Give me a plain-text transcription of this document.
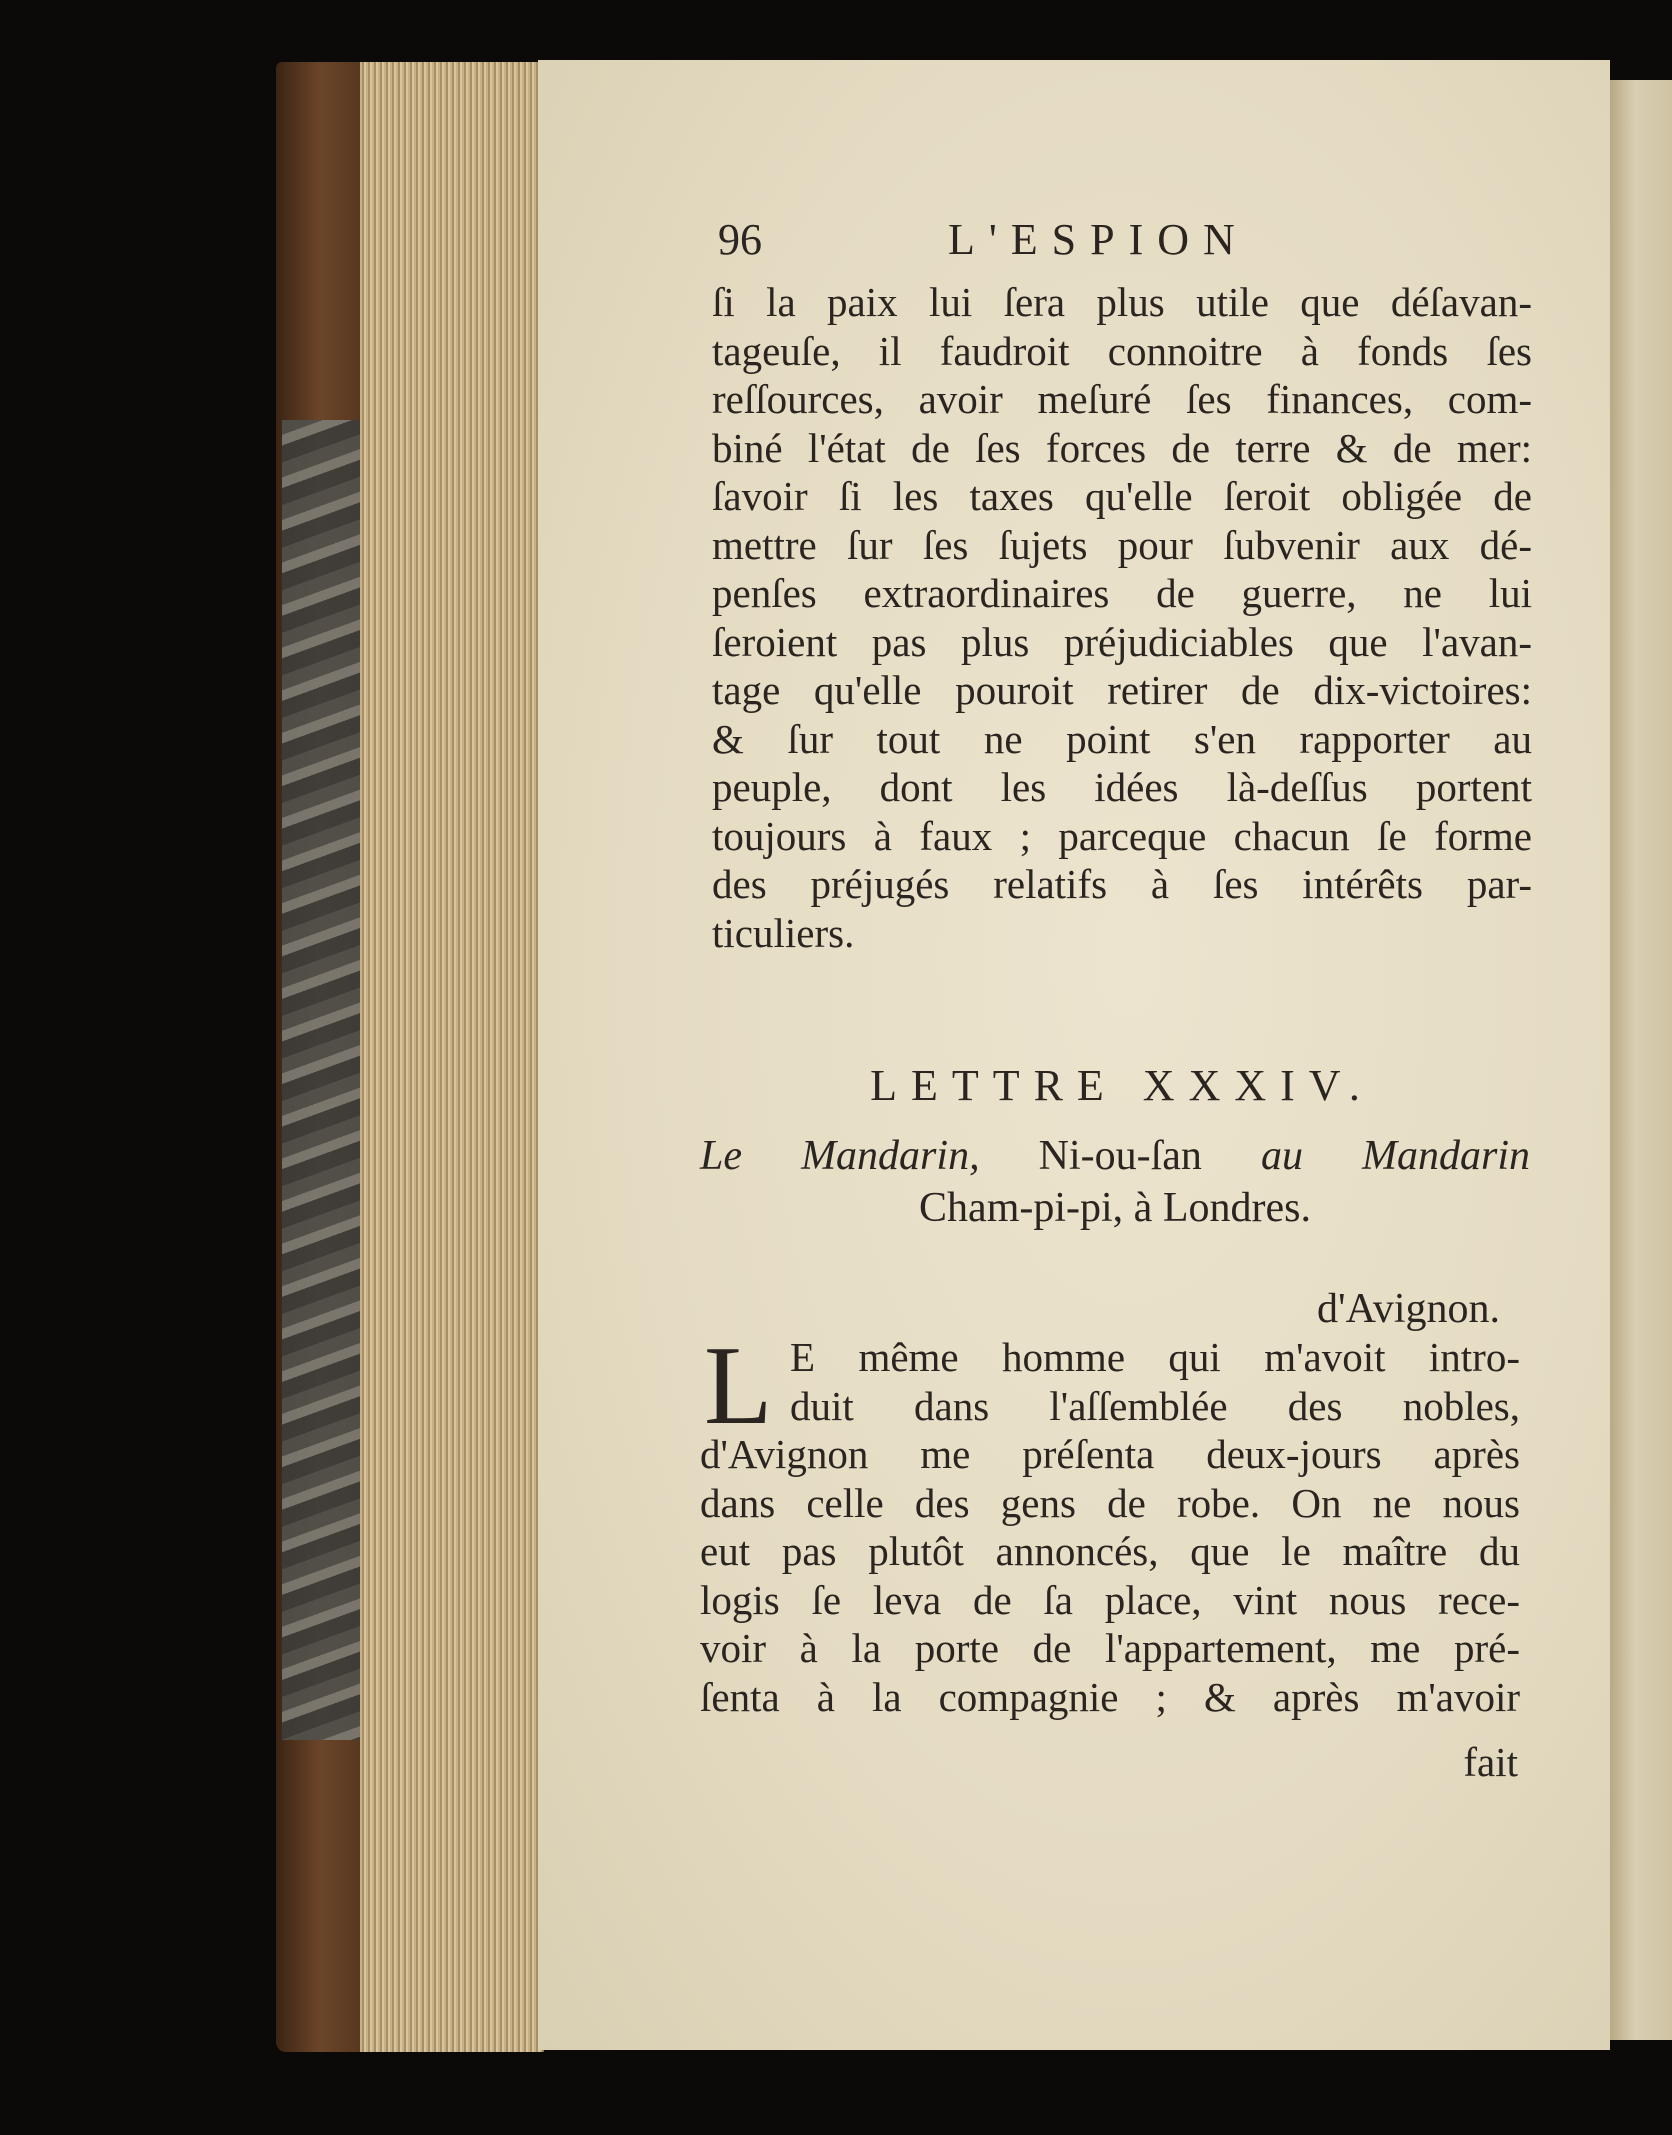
96	L'ESPION
ſi la paix lui ſera plus utile que déſavan-
tageuſe, il faudroit connoitre à fonds ſes
reſſources, avoir meſuré ſes finances, com-
biné l'état de ſes forces de terre & de mer:
ſavoir ſi les taxes qu'elle ſeroit obligée de
mettre ſur ſes ſujets pour ſubvenir aux dé-
penſes extraordinaires de guerre, ne lui
ſeroient pas plus préjudiciables que l'avan-
tage qu'elle pouroit retirer de dix-victoires:
& ſur tout ne point s'en rapporter au
peuple, dont les idées là-deſſus portent
toujours à faux ; parceque chacun ſe forme
des préjugés relatifs à ſes intérêts par-
ticuliers.
LETTRE XXXIV.
Le Mandarin, Ni-ou-ſan au Mandarin
Cham-pi-pi, à Londres.
d'Avignon.
L E même homme qui m'avoit intro-
duit dans l'aſſemblée des nobles,
d'Avignon me préſenta deux-jours après
dans celle des gens de robe. On ne nous
eut pas plutôt annoncés, que le maître du
logis ſe leva de ſa place, vint nous rece-
voir à la porte de l'appartement, me pré-
ſenta à la compagnie ; & après m'avoir
fait
